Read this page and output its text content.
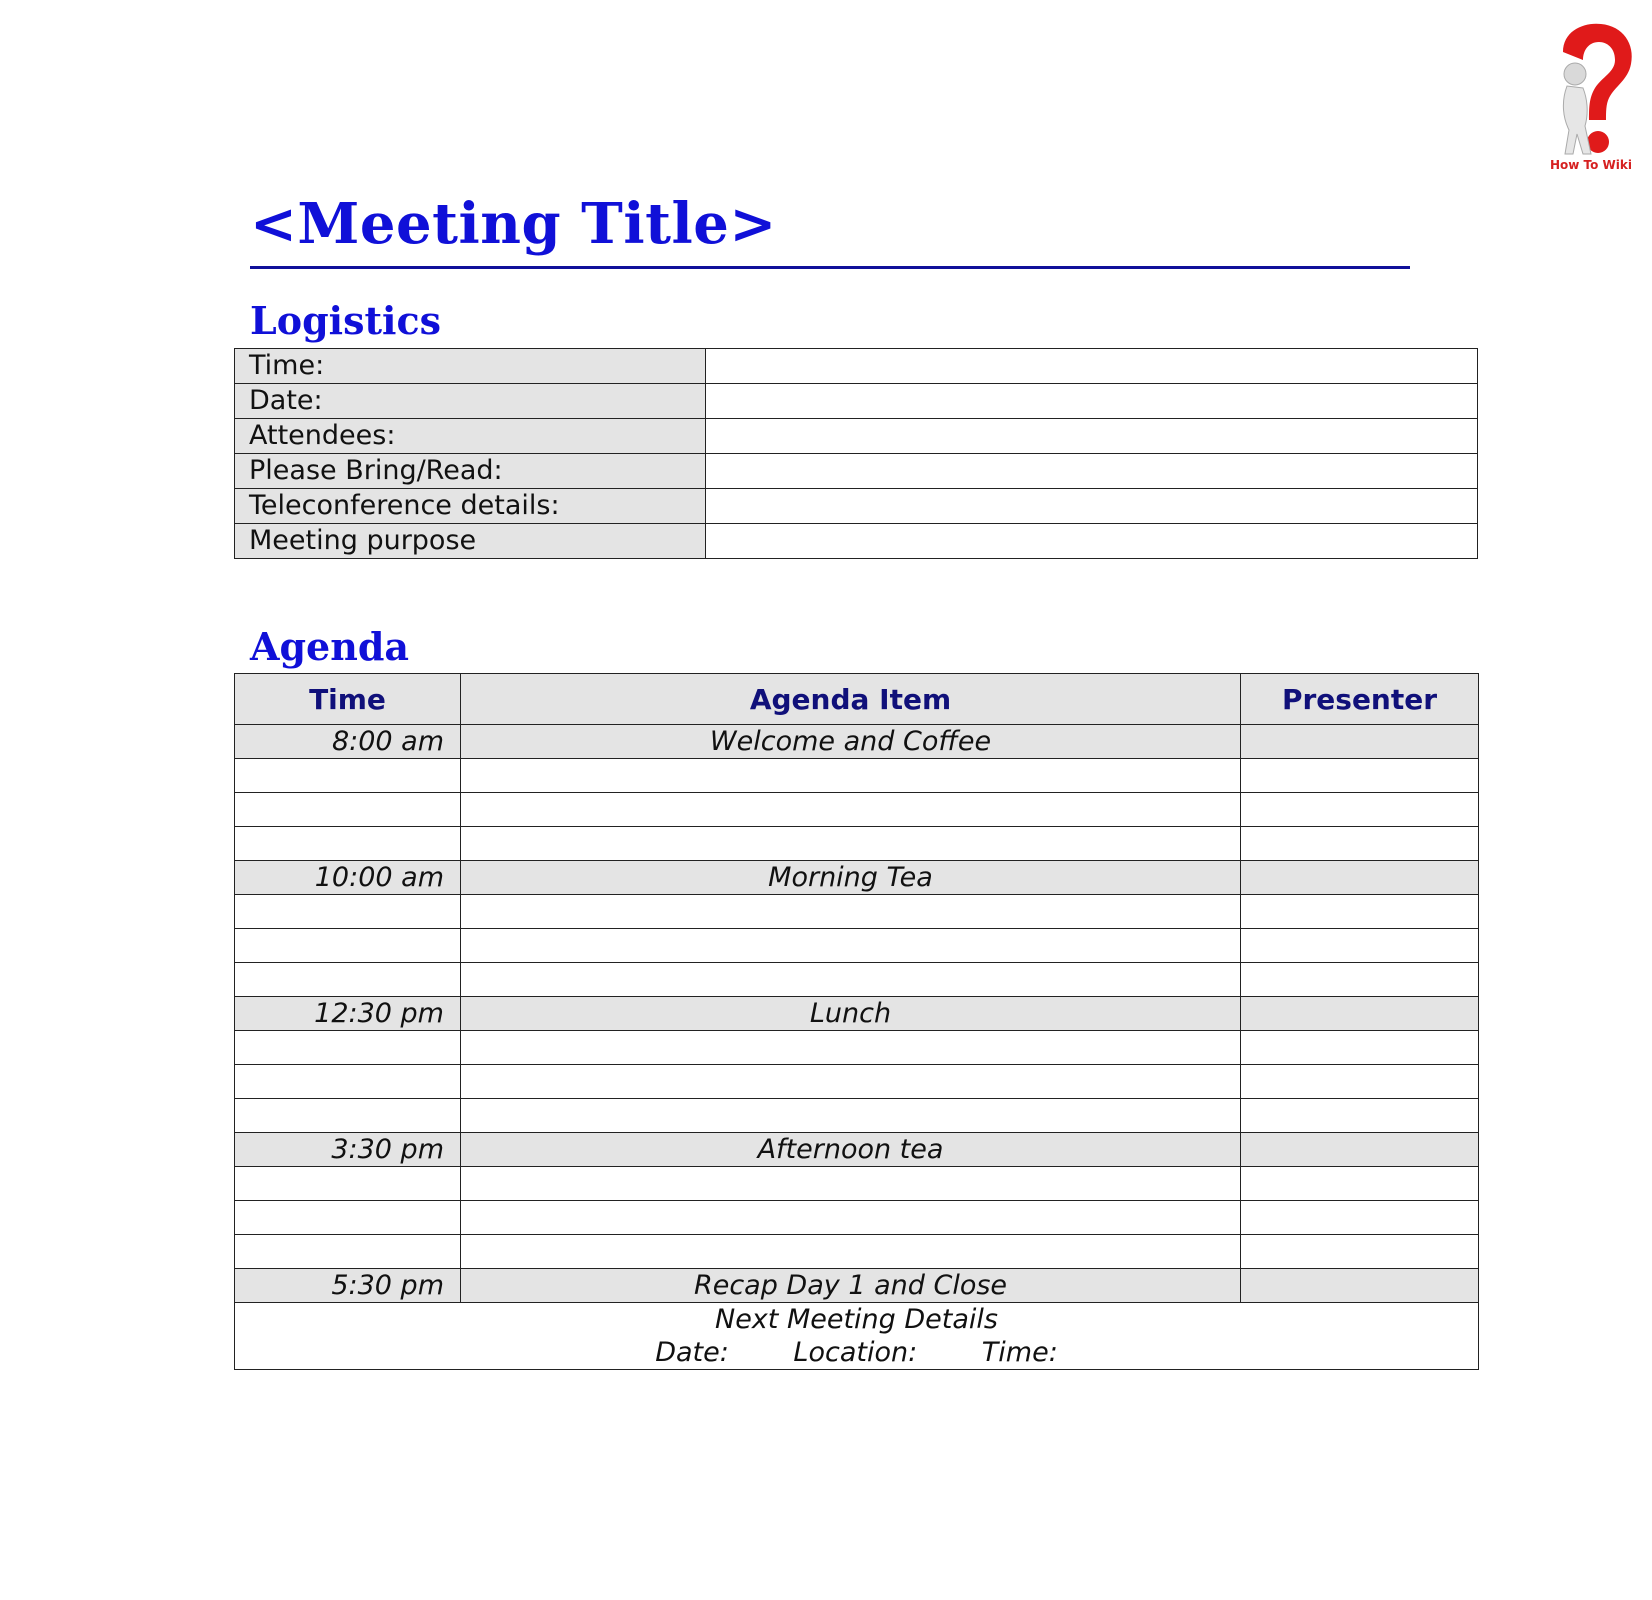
How To Wiki
<Meeting Title>
Logistics
Time:	
Date:	
Attendees:	
Please Bring/Read:	
Teleconference details:	
Meeting purpose	
Agenda
Time	Agenda Item	Presenter
8:00 am	Welcome and Coffee	

10:00 am	Morning Tea	

12:30 pm	Lunch	

3:30 pm	Afternoon tea	

5:30 pm	Recap Day 1 and Close	

Next Meeting Details
Date: Location: Time:		
